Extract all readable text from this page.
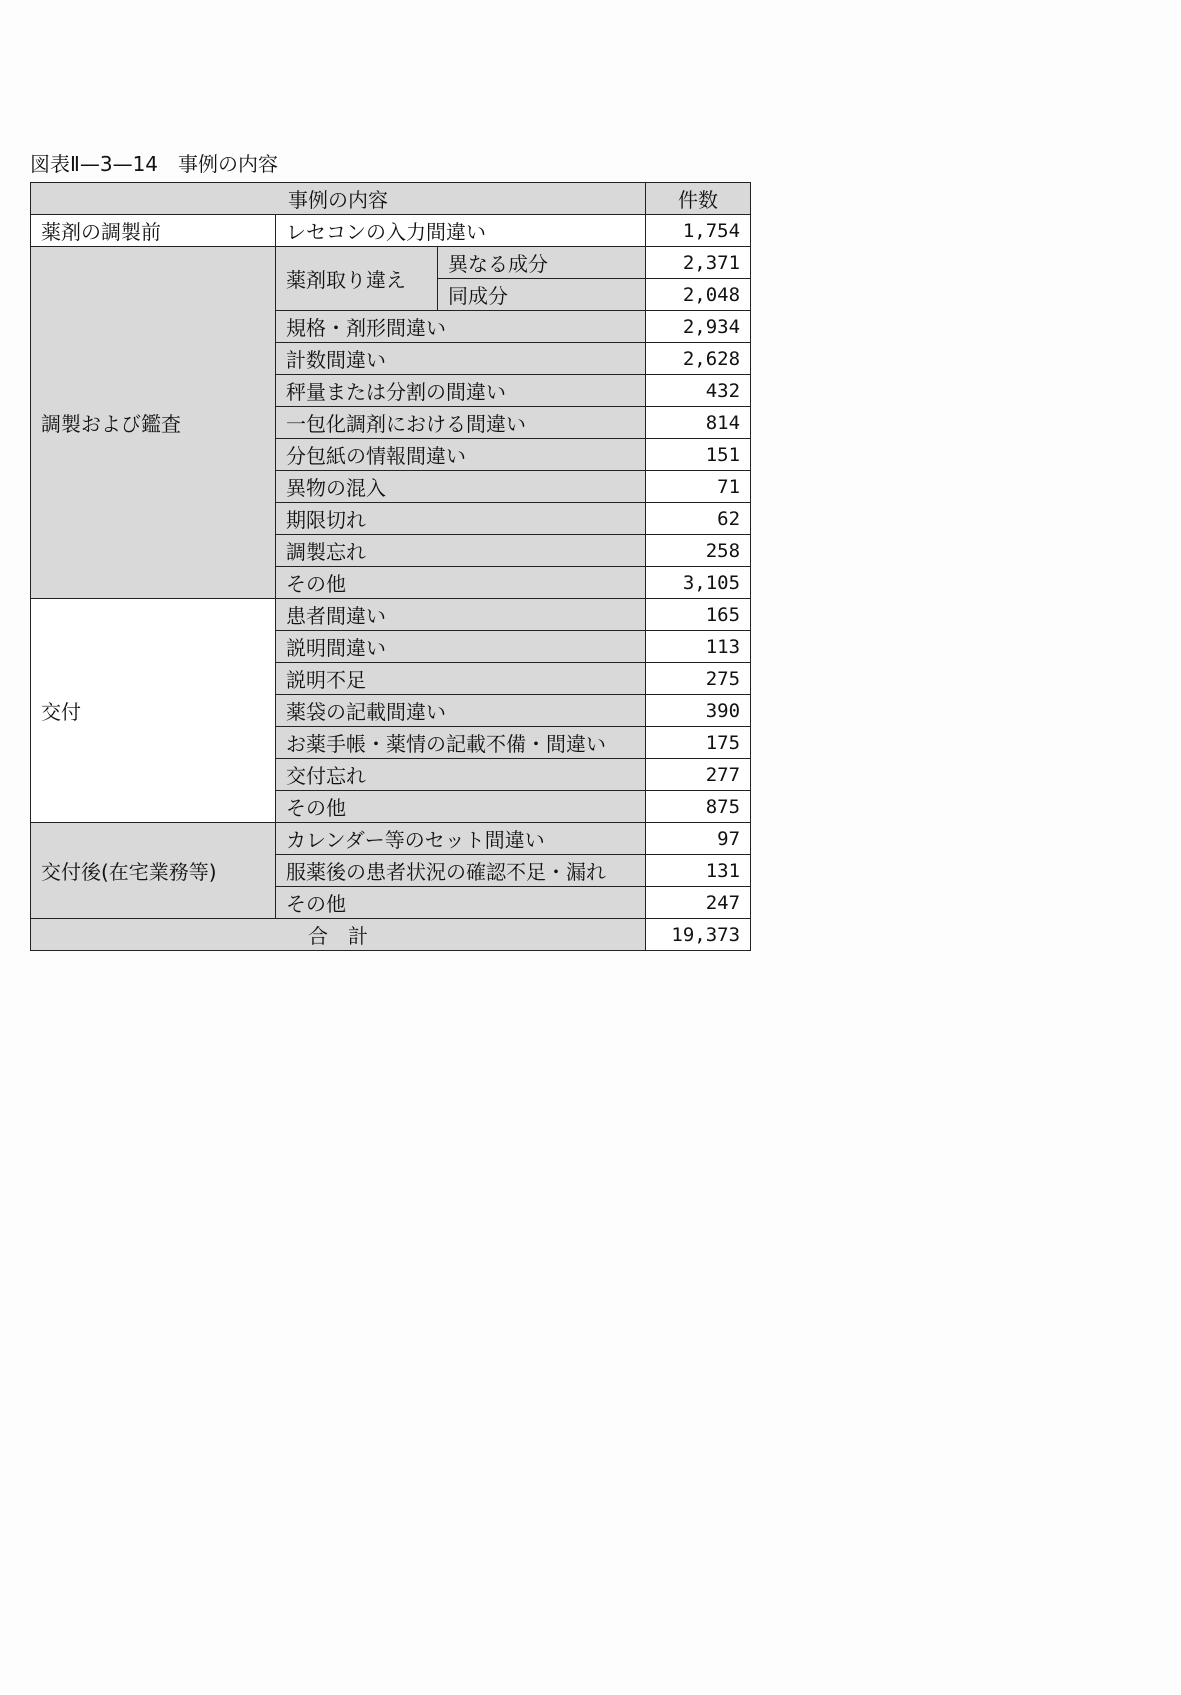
図表Ⅱ—3—14　事例の内容
事例の内容			件数
薬剤の調製前	レセコンの入力間違い		1,754
調製および鑑査	薬剤取り違え	異なる成分	2,371
		同成分	2,048
	規格・剤形間違い		2,934
	計数間違い		2,628
	秤量または分割の間違い		432
	一包化調剤における間違い		814
	分包紙の情報間違い		151
	異物の混入		71
	期限切れ		62
	調製忘れ		258
	その他		3,105
交付	患者間違い		165
	説明間違い		113
	説明不足		275
	薬袋の記載間違い		390
	お薬手帳・薬情の記載不備・間違い		175
	交付忘れ		277
	その他		875
交付後(在宅業務等)	カレンダー等のセット間違い		97
	服薬後の患者状況の確認不足・漏れ		131
	その他		247
合　計			19,373
